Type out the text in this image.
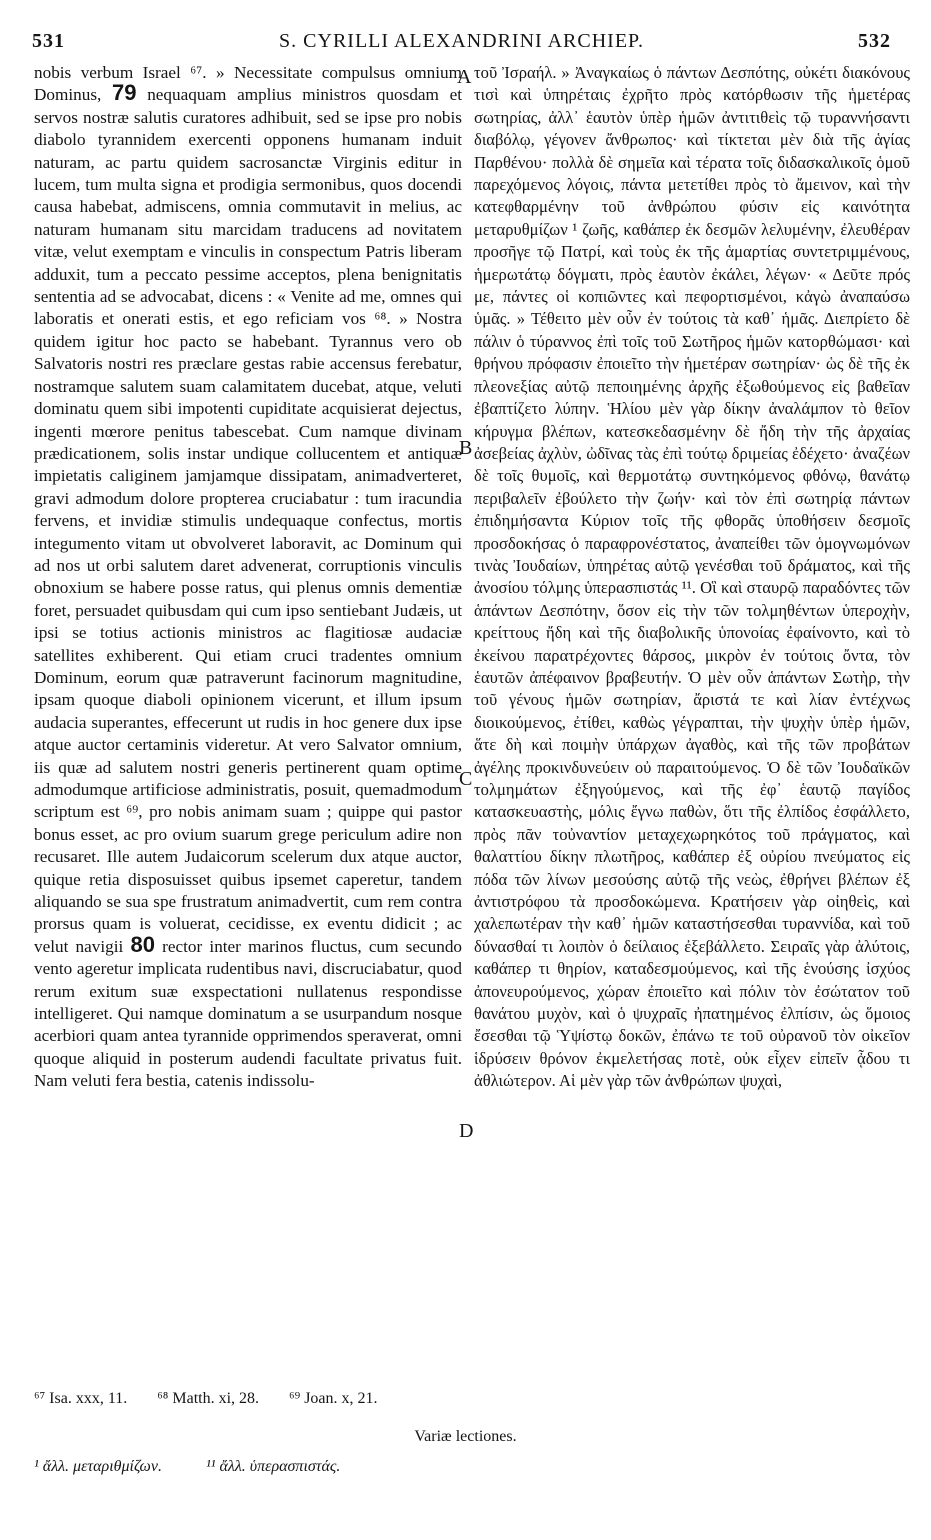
531	S. CYRILLI ALEXANDRINI ARCHIEP.	532

nobis verbum Israel ⁶⁷. » Necessitate compulsus omnium Dominus, 79 nequaquam amplius ministros quosdam et servos nostræ salutis curatores adhibuit, sed se ipse pro nobis diabolo tyrannidem exercenti opponens humanam induit naturam, ac partu quidem sacrosanctæ Virginis editur in lucem, tum multa signa et prodigia sermonibus, quos docendi causa habebat, admiscens, omnia commutavit in melius, ac naturam humanam situ marcidam traducens ad novitatem vitæ, velut exemptam e vinculis in conspectum Patris liberam adduxit, tum a peccato pessime acceptos, plena benignitatis sententia ad se advocabat, dicens : « Venite ad me, omnes qui laboratis et onerati estis, et ego reficiam vos ⁶⁸. » Nostra quidem igitur hoc pacto se habebant. Tyrannus vero ob Salvatoris nostri res præclare gestas rabie accensus ferebatur, nostramque salutem suam calamitatem ducebat, atque, veluti dominatu quem sibi impotenti cupiditate acquisierat dejectus, ingenti mœrore penitus tabescebat. Cum namque divinam prædicationem, solis instar undique collucentem et antiquæ impietatis caliginem jamjamque dissipatam, animadverteret, gravi admodum dolore propterea cruciabatur : tum iracundia fervens, et invidiæ stimulis undequaque confectus, mortis integumento vitam ut obvolveret laboravit, ac Dominum qui ad nos ut orbi salutem daret advenerat, corruptionis vinculis obnoxium se habere posse ratus, qui plenus omnis dementiæ foret, persuadet quibusdam qui cum ipso sentiebant Judæis, ut ipsi se totius actionis ministros ac flagitiosæ audaciæ satellites exhiberent. Qui etiam cruci tradentes omnium Dominum, eorum quæ patraverunt facinorum magnitudine, ipsam quoque diaboli opinionem vicerunt, et illum ipsum audacia superantes, effecerunt ut rudis in hoc genere dux ipse atque auctor certaminis videretur. At vero Salvator omnium, iis quæ ad salutem nostri generis pertinerent quam optime admodumque artificiose administratis, posuit, quemadmodum scriptum est ⁶⁹, pro nobis animam suam ; quippe qui pastor bonus esset, ac pro ovium suarum grege periculum adire non recusaret. Ille autem Judaicorum scelerum dux atque auctor, quique retia disposuisset quibus ipsemet caperetur, tandem aliquando se sua spe frustratum animadvertit, cum rem contra prorsus quam is voluerat, cecidisse, ex eventu didicit ; ac velut navigii 80 rector inter marinos fluctus, cum secundo vento ageretur implicata rudentibus navi, discruciabatur, quod rerum exitum suæ exspectationi nullatenus respondisse intelligeret. Qui namque dominatum a se usurpandum nosque acerbiori quam antea tyrannide opprimendos speraverat, omni quoque aliquid in posterum audendi facultate privatus fuit. Nam veluti fera bestia, catenis indissolu-

A
B
C
D

τοῦ Ἰσραήλ. » Ἀναγκαίως ὁ πάντων Δεσπότης, οὐκέτι διακόνους τισὶ καὶ ὑπηρέταις ἐχρῆτο πρὸς κατόρθωσιν τῆς ἡμετέρας σωτηρίας, ἀλλ᾽ ἑαυτὸν ὑπὲρ ἡμῶν ἀντιτιθεὶς τῷ τυραννήσαντι διαβόλῳ, γέγονεν ἄνθρωπος· καὶ τίκτεται μὲν διὰ τῆς ἁγίας Παρθένου· πολλὰ δὲ σημεῖα καὶ τέρατα τοῖς διδασκαλικοῖς ὁμοῦ παρεχόμενος λόγοις, πάντα μετετίθει πρὸς τὸ ἄμεινον, καὶ τὴν κατεφθαρμένην τοῦ ἀνθρώπου φύσιν εἰς καινότητα μεταρυθμίζων ¹ ζωῆς, καθάπερ ἐκ δεσμῶν λελυμένην, ἐλευθέραν προσῆγε τῷ Πατρί, καὶ τοὺς ἐκ τῆς ἁμαρτίας συντετριμμένους, ἡμερωτάτῳ δόγματι, πρὸς ἑαυτὸν ἐκάλει, λέγων· « Δεῦτε πρός με, πάντες οἱ κοπιῶντες καὶ πεφορτισμένοι, κἀγὼ ἀναπαύσω ὑμᾶς. » Τέθειτο μὲν οὖν ἐν τούτοις τὰ καθ᾽ ἡμᾶς. Διεπρίετο δὲ πάλιν ὁ τύραννος ἐπὶ τοῖς τοῦ Σωτῆρος ἡμῶν κατορθώμασι· καὶ θρήνου πρόφασιν ἐποιεῖτο τὴν ἡμετέραν σωτηρίαν· ὡς δὲ τῆς ἐκ πλεονεξίας αὐτῷ πεποιημένης ἀρχῆς ἐξωθούμενος εἰς βαθεῖαν ἐβαπτίζετο λύπην. Ἡλίου μὲν γὰρ δίκην ἀναλάμπον τὸ θεῖον κήρυγμα βλέπων, κατεσκεδασμένην δὲ ἤδη τὴν τῆς ἀρχαίας ἀσεβείας ἀχλὺν, ὠδῖνας τὰς ἐπὶ τούτῳ δριμείας ἐδέχετο· ἀναζέων δὲ τοῖς θυμοῖς, καὶ θερμοτάτῳ συντηκόμενος φθόνῳ, θανάτῳ περιβαλεῖν ἐβούλετο τὴν ζωήν· καὶ τὸν ἐπὶ σωτηρίᾳ πάντων ἐπιδημήσαντα Κύριον τοῖς τῆς φθορᾶς ὑποθήσειν δεσμοῖς προσδοκήσας ὁ παραφρονέστατος, ἀναπείθει τῶν ὁμογνωμόνων τινὰς Ἰουδαίων, ὑπηρέτας αὐτῷ γενέσθαι τοῦ δράματος, καὶ τῆς ἀνοσίου τόλμης ὑπερασπιστάς ¹¹. Οἳ καὶ σταυρῷ παραδόντες τῶν ἁπάντων Δεσπότην, ὅσον εἰς τὴν τῶν τολμηθέντων ὑπεροχὴν, κρείττους ἤδη καὶ τῆς διαβολικῆς ὑπονοίας ἐφαίνοντο, καὶ τὸ ἐκείνου παρατρέχοντες θάρσος, μικρὸν ἐν τούτοις ὄντα, τὸν ἑαυτῶν ἀπέφαινον βραβευτήν. Ὁ μὲν οὖν ἁπάντων Σωτὴρ, τὴν τοῦ γένους ἡμῶν σωτηρίαν, ἄριστά τε καὶ λίαν ἐντέχνως διοικούμενος, ἐτίθει, καθὼς γέγραπται, τὴν ψυχὴν ὑπὲρ ἡμῶν, ἅτε δὴ καὶ ποιμὴν ὑπάρχων ἀγαθὸς, καὶ τῆς τῶν προβάτων ἀγέλης προκινδυνεύειν οὐ παραιτούμενος. Ὁ δὲ τῶν Ἰουδαϊκῶν τολμημάτων ἐξηγούμενος, καὶ τῆς ἐφ᾽ ἑαυτῷ παγίδος κατασκευαστὴς, μόλις ἔγνω παθὼν, ὅτι τῆς ἐλπίδος ἐσφάλλετο, πρὸς πᾶν τοὐναντίον μεταχεχωρηκότος τοῦ πράγματος, καὶ θαλαττίου δίκην πλωτῆρος, καθάπερ ἐξ οὐρίου πνεύματος εἰς πόδα τῶν λίνων μεσούσης αὐτῷ τῆς νεὼς, ἐθρήνει βλέπων ἐξ ἀντιστρόφου τὰ προσδοκώμενα. Κρατήσειν γὰρ οἰηθεὶς, καὶ χαλεπωτέραν τὴν καθ᾽ ἡμῶν καταστήσεσθαι τυραννίδα, καὶ τοῦ δύνασθαί τι λοιπὸν ὁ δείλαιος ἐξεβάλλετο. Σειραῖς γὰρ ἀλύτοις, καθάπερ τι θηρίον, καταδεσμούμενος, καὶ τῆς ἑνούσης ἰσχύος ἀπονευρούμενος, χώραν ἐποιεῖτο καὶ πόλιν τὸν ἐσώτατον τοῦ θανάτου μυχὸν, καὶ ὁ ψυχραῖς ἠπατημένος ἐλπίσιν, ὡς ὅμοιος ἔσεσθαι τῷ Ὑψίστῳ δοκῶν, ἐπάνω τε τοῦ οὐρανοῦ τὸν οἰκεῖον ἱδρύσειν θρόνον ἐκμελετήσας ποτὲ, οὐκ εἶχεν εἰπεῖν ᾆδου τι ἀθλιώτερον. Αἱ μὲν γὰρ τῶν ἀνθρώπων ψυχαὶ,

⁶⁷ Isa. xxx, 11. ⁶⁸ Matth. xi, 28. ⁶⁹ Joan. x, 21.
Variæ lectiones.
¹ ἄλλ. μεταριθμίζων.	¹¹ ἄλλ. ὑπερασπιστάς.
